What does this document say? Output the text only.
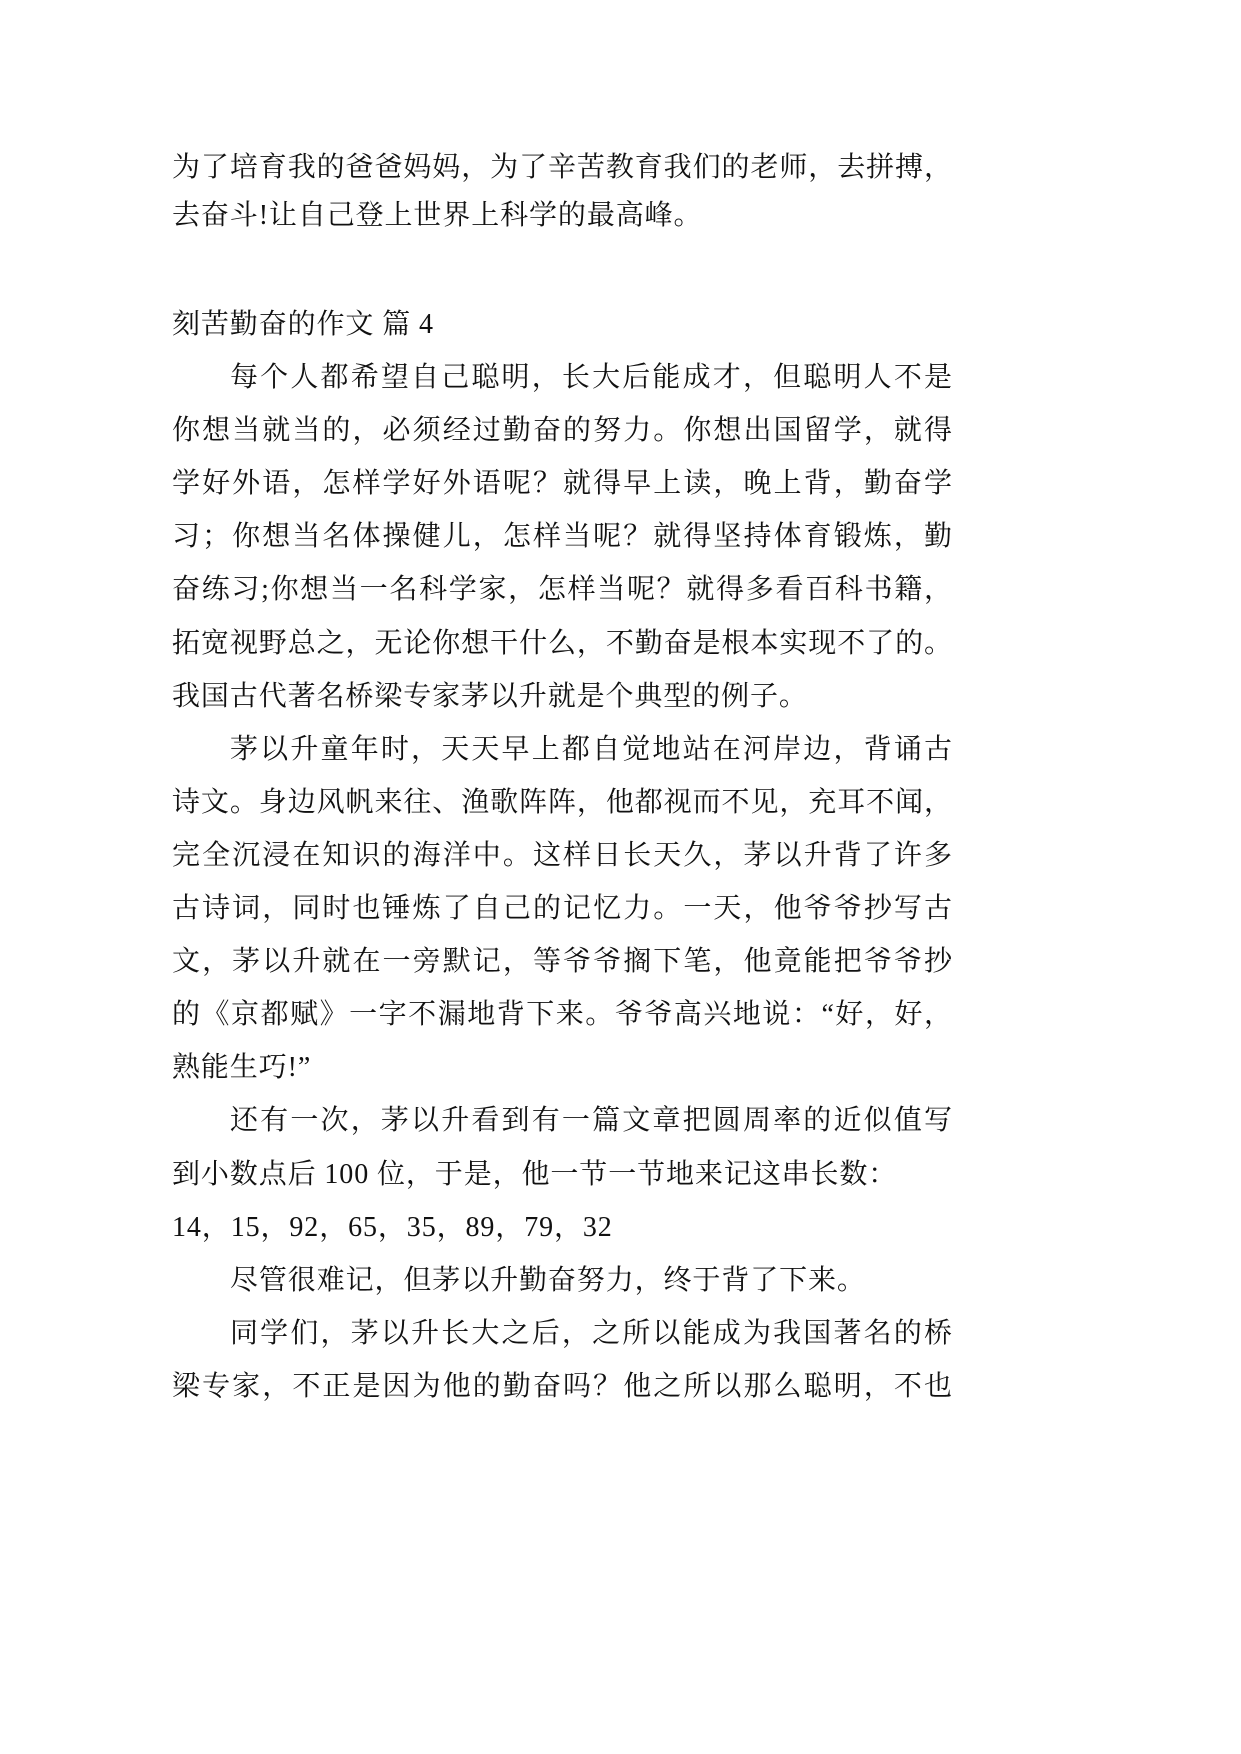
为了培育我的爸爸妈妈，为了辛苦教育我们的老师，去拼搏，
去奋斗!让自己登上世界上科学的最高峰。
刻苦勤奋的作文 篇 4
每个人都希望自己聪明，长大后能成才，但聪明人不是
你想当就当的，必须经过勤奋的努力。你想出国留学，就得
学好外语，怎样学好外语呢？就得早上读，晚上背，勤奋学
习；你想当名体操健儿，怎样当呢？就得坚持体育锻炼，勤
奋练习;你想当一名科学家，怎样当呢？就得多看百科书籍，
拓宽视野总之，无论你想干什么，不勤奋是根本实现不了的。
我国古代著名桥梁专家茅以升就是个典型的例子。
茅以升童年时，天天早上都自觉地站在河岸边，背诵古
诗文。身边风帆来往、渔歌阵阵，他都视而不见，充耳不闻，
完全沉浸在知识的海洋中。这样日长天久，茅以升背了许多
古诗词，同时也锤炼了自己的记忆力。一天，他爷爷抄写古
文，茅以升就在一旁默记，等爷爷搁下笔，他竟能把爷爷抄
的《京都赋》一字不漏地背下来。爷爷高兴地说：“好，好，
熟能生巧!”
还有一次，茅以升看到有一篇文章把圆周率的近似值写
到小数点后 100 位，于是，他一节一节地来记这串长数：
14，15，92，65，35，89，79，32
尽管很难记，但茅以升勤奋努力，终于背了下来。
同学们，茅以升长大之后，之所以能成为我国著名的桥
梁专家，不正是因为他的勤奋吗？他之所以那么聪明，不也
